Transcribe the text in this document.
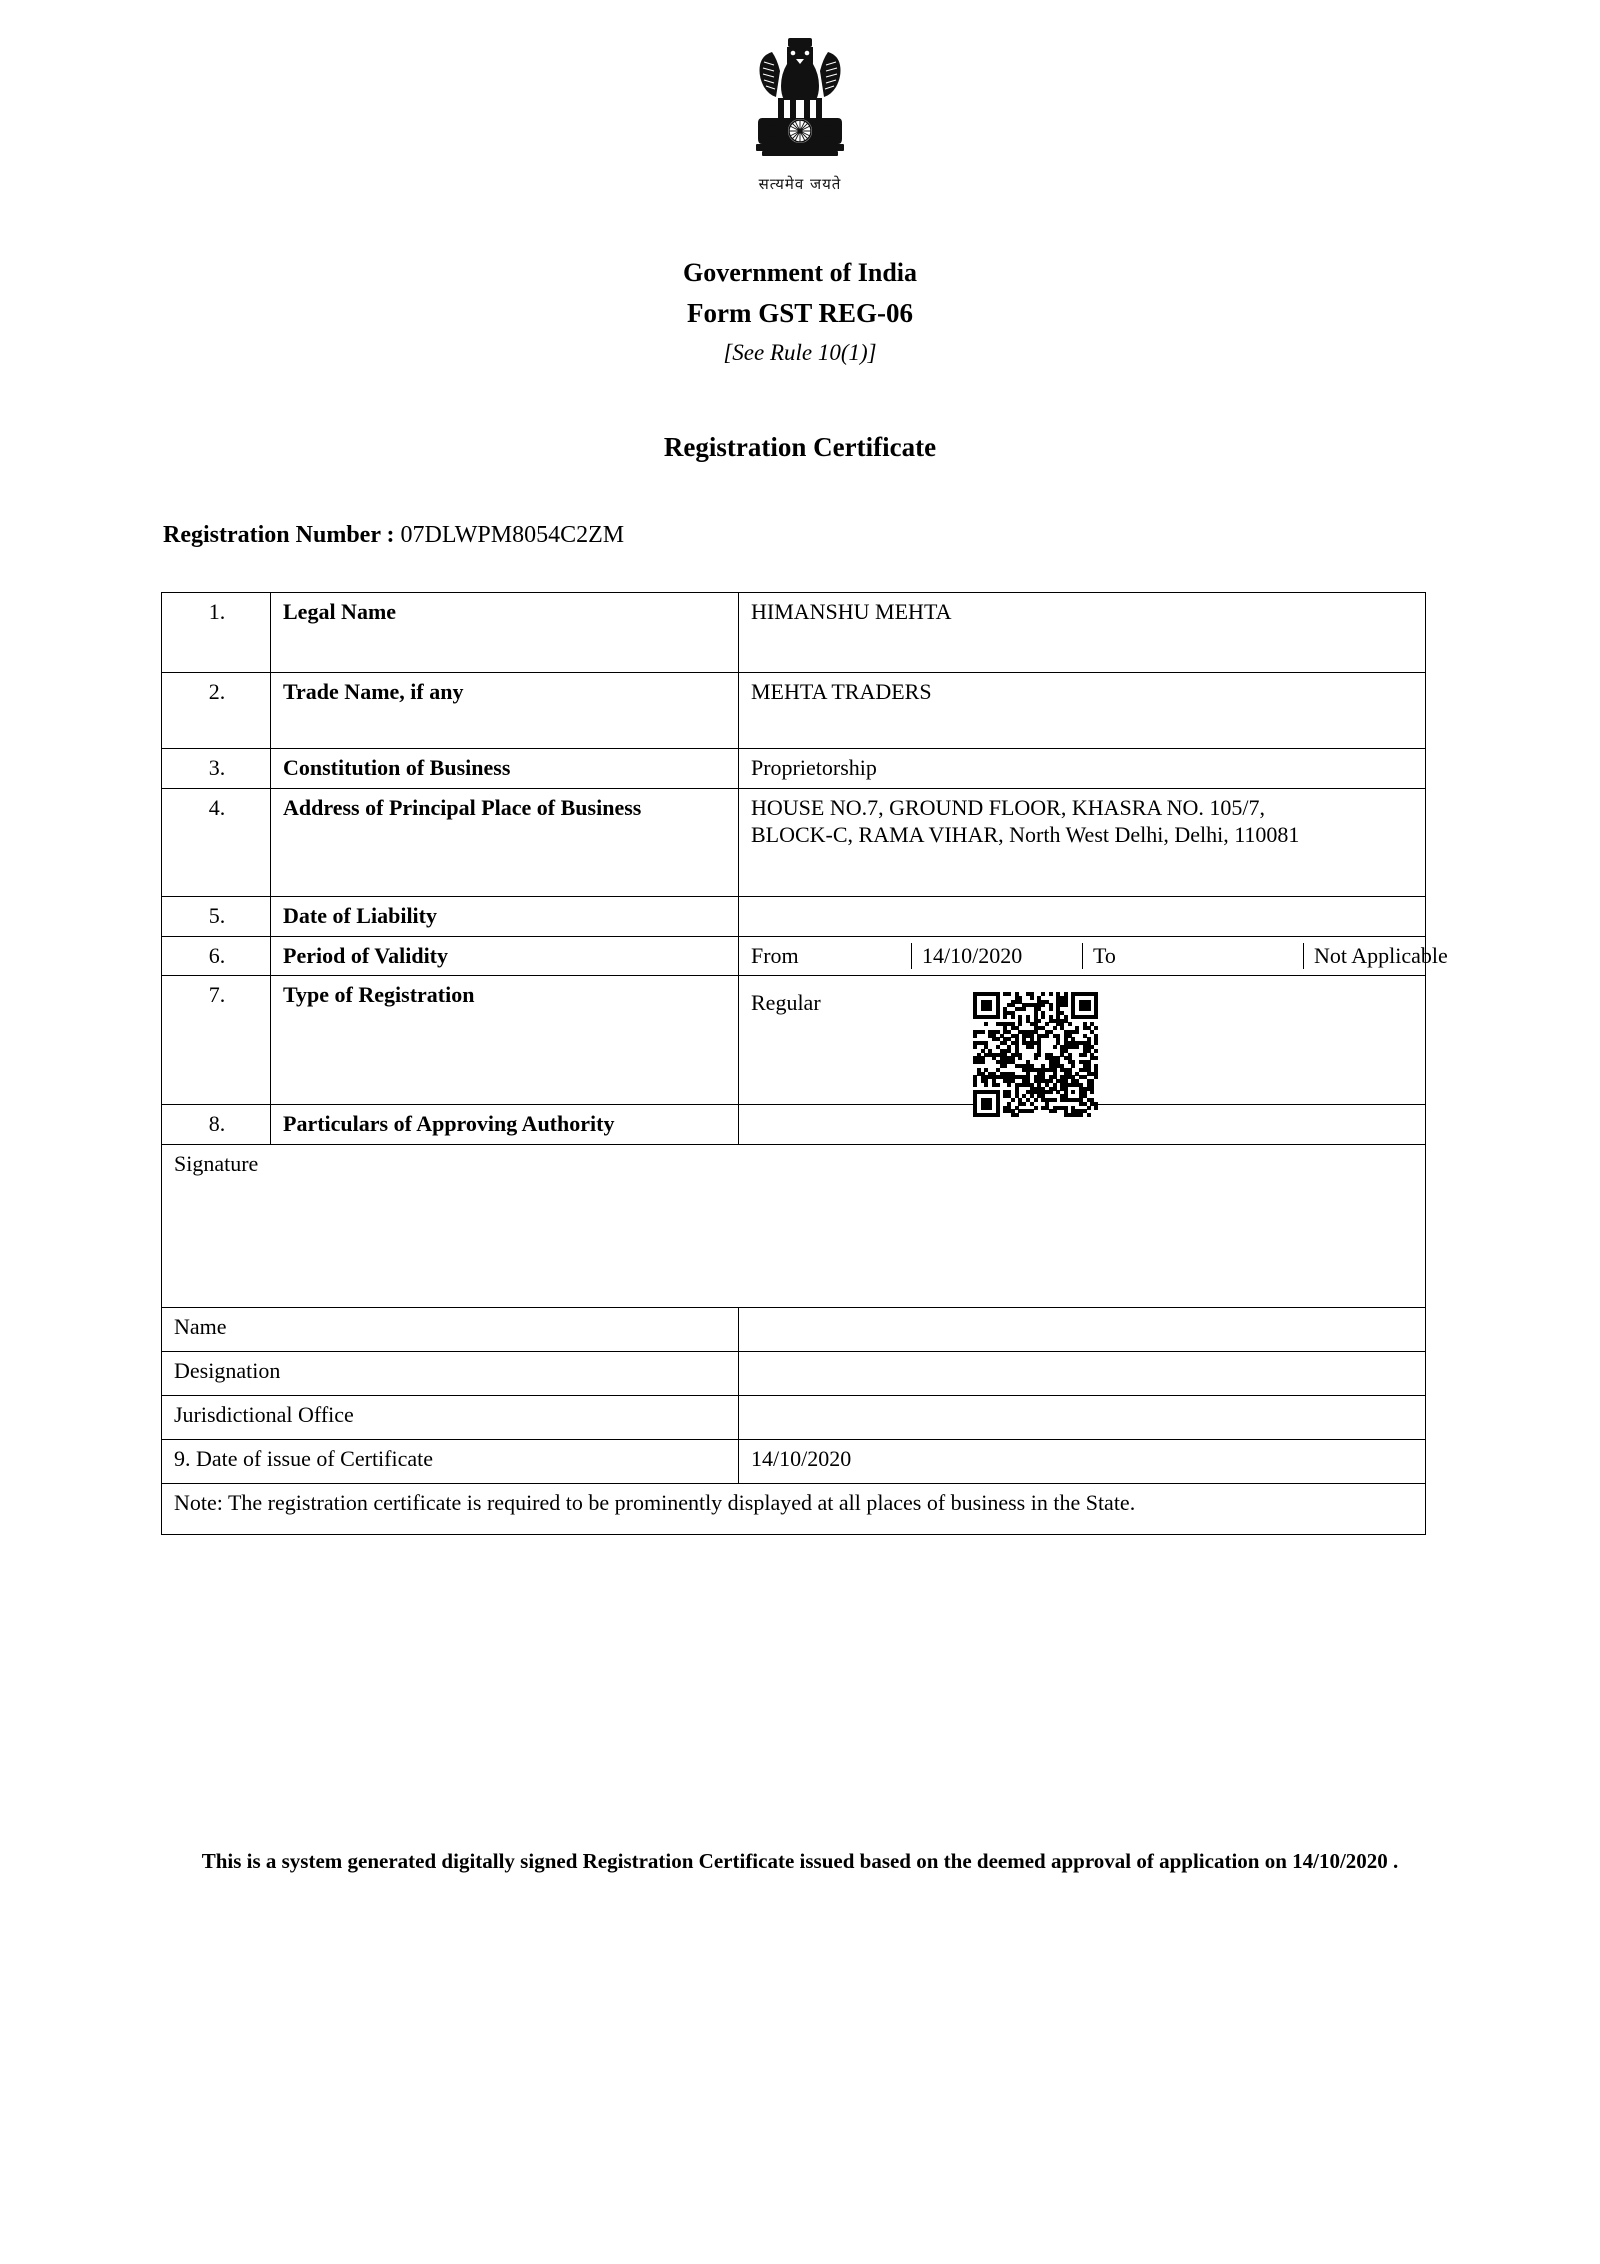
सत्यमेव जयते
Government of India
Form GST REG-06
[See Rule 10(1)]
Registration Certificate
Registration Number : 07DLWPM8054C2ZM
1.	Legal Name	HIMANSHU MEHTA
2.	Trade Name, if any	MEHTA TRADERS
3.	Constitution of Business	Proprietorship
4.	Address of Principal Place of Business	HOUSE NO.7, GROUND FLOOR, KHASRA NO. 105/7,
BLOCK-C, RAMA VIHAR, North West Delhi, Delhi, 110081

5.	Date of Liability	
6.	Period of Validity		From	14/10/2020	To	Not Applicable

7.	Type of Registration	Regular

8.	Particulars of Approving Authority	
Signature
Name	
Designation	
Jurisdictional Office	
9. Date of issue of Certificate	14/10/2020
Note: The registration certificate is required to be prominently displayed at all places of business in the State.
This is a system generated digitally signed Registration Certificate issued based on the deemed approval of application on 14/10/2020 .
